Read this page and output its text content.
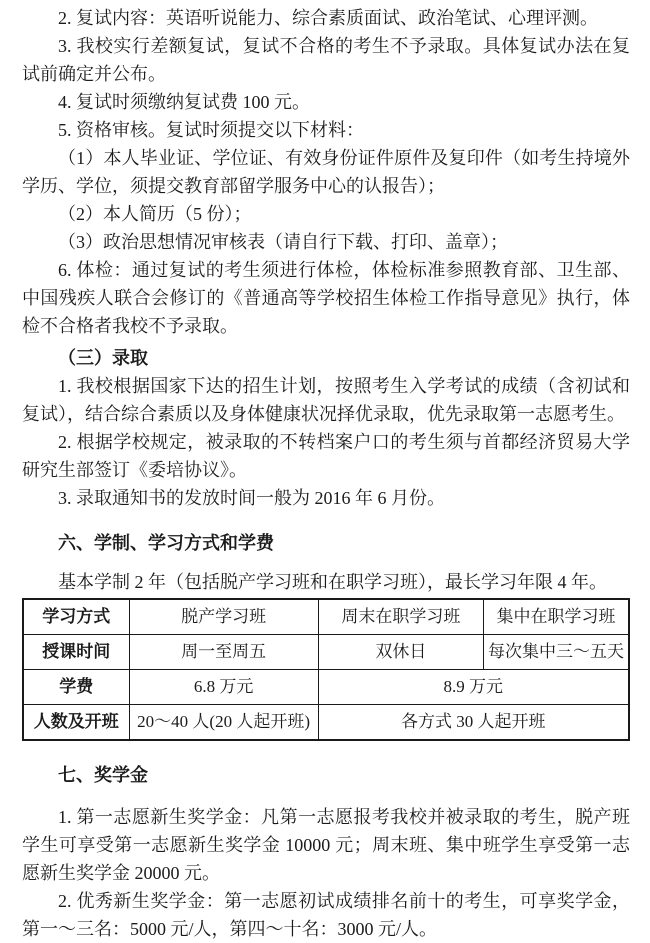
2. 复试内容：英语听说能力、综合素质面试、政治笔试、心理评测。

3. 我校实行差额复试，复试不合格的考生不予录取。具体复试办法在复试前确定并公布。

4. 复试时须缴纳复试费 100 元。

5. 资格审核。复试时须提交以下材料：

（1）本人毕业证、学位证、有效身份证件原件及复印件（如考生持境外学历、学位，须提交教育部留学服务中心的认报告）；

（2）本人简历（5 份）；

（3）政治思想情况审核表（请自行下载、打印、盖章）；

6. 体检：通过复试的考生须进行体检，体检标准参照教育部、卫生部、中国残疾人联合会修订的《普通高等学校招生体检工作指导意见》执行，体检不合格者我校不予录取。

（三）录取

1. 我校根据国家下达的招生计划，按照考生入学考试的成绩（含初试和复试），结合综合素质以及身体健康状况择优录取，优先录取第一志愿考生。

2. 根据学校规定，被录取的不转档案户口的考生须与首都经济贸易大学研究生部签订《委培协议》。

3. 录取通知书的发放时间一般为 2016 年 6 月份。

六、学制、学习方式和学费

基本学制 2 年（包括脱产学习班和在职学习班），最长学习年限 4 年。

学习方式	脱产学习班	周末在职学习班	集中在职学习班
授课时间	周一至周五	双休日	每次集中三～五天
学费	6.8 万元	8.9 万元	
人数及开班	20～40 人(20 人起开班)	各方式 30 人起开班	

七、奖学金

1. 第一志愿新生奖学金：凡第一志愿报考我校并被录取的考生，脱产班学生可享受第一志愿新生奖学金 10000 元；周末班、集中班学生享受第一志愿新生奖学金 20000 元。

2. 优秀新生奖学金：第一志愿初试成绩排名前十的考生，可享奖学金，第一～三名：5000 元/人，第四～十名：3000 元/人。
